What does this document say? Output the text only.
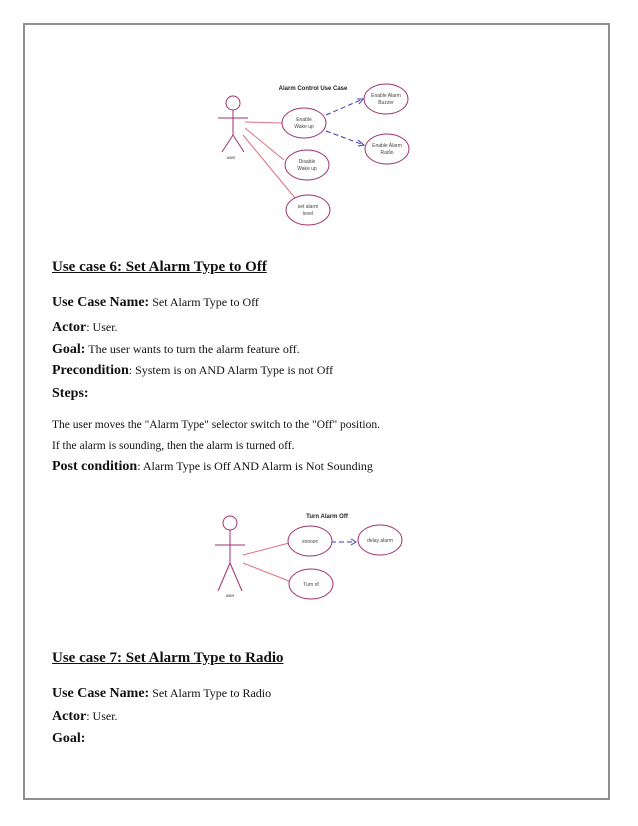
Alarm Control Use Case
user
Enable
Wake up
Disable
Wake up
set alarm
level
Enable Alarm
Buzzer
Enable Alarm
Radio
Use case 6: Set Alarm Type to Off

Use Case Name: Set Alarm Type to Off

Actor: User.

Goal: The user wants to turn the alarm feature off.

Precondition: System is on AND Alarm Type is not Off

Steps:

The user moves the "Alarm Type" selector switch to the "Off" position.

If the alarm is sounding, then the alarm is turned off.

Post condition: Alarm Type is Off AND Alarm is Not Sounding

Turn Alarm Off
user
snooze
Turn of
delay alarm
Use case 7: Set Alarm Type to Radio

Use Case Name: Set Alarm Type to Radio

Actor: User.

Goal:
